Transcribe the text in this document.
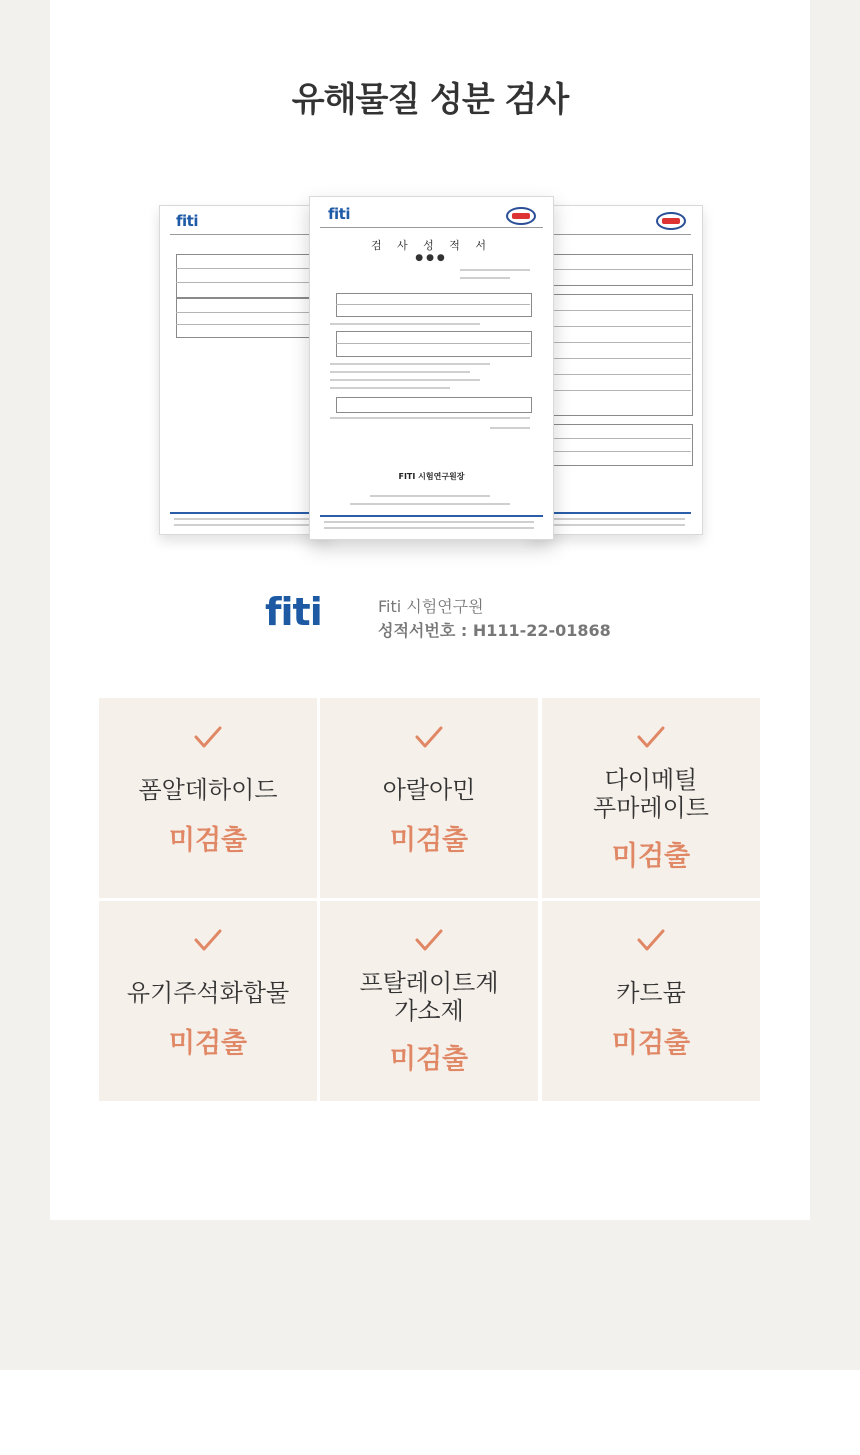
유해물질 성분 검사
fiti	fiti
검 사 성 적 서
●●●
FITI 시험연구원장
fiti	Fiti 시험연구원
성적서번호 : H111-22-01868
폼알데하이드
미검출
아랄아민
미검출
다이메틸
푸마레이트
미검출
유기주석화합물
미검출
프탈레이트계
가소제
미검출
카드뮴
미검출
